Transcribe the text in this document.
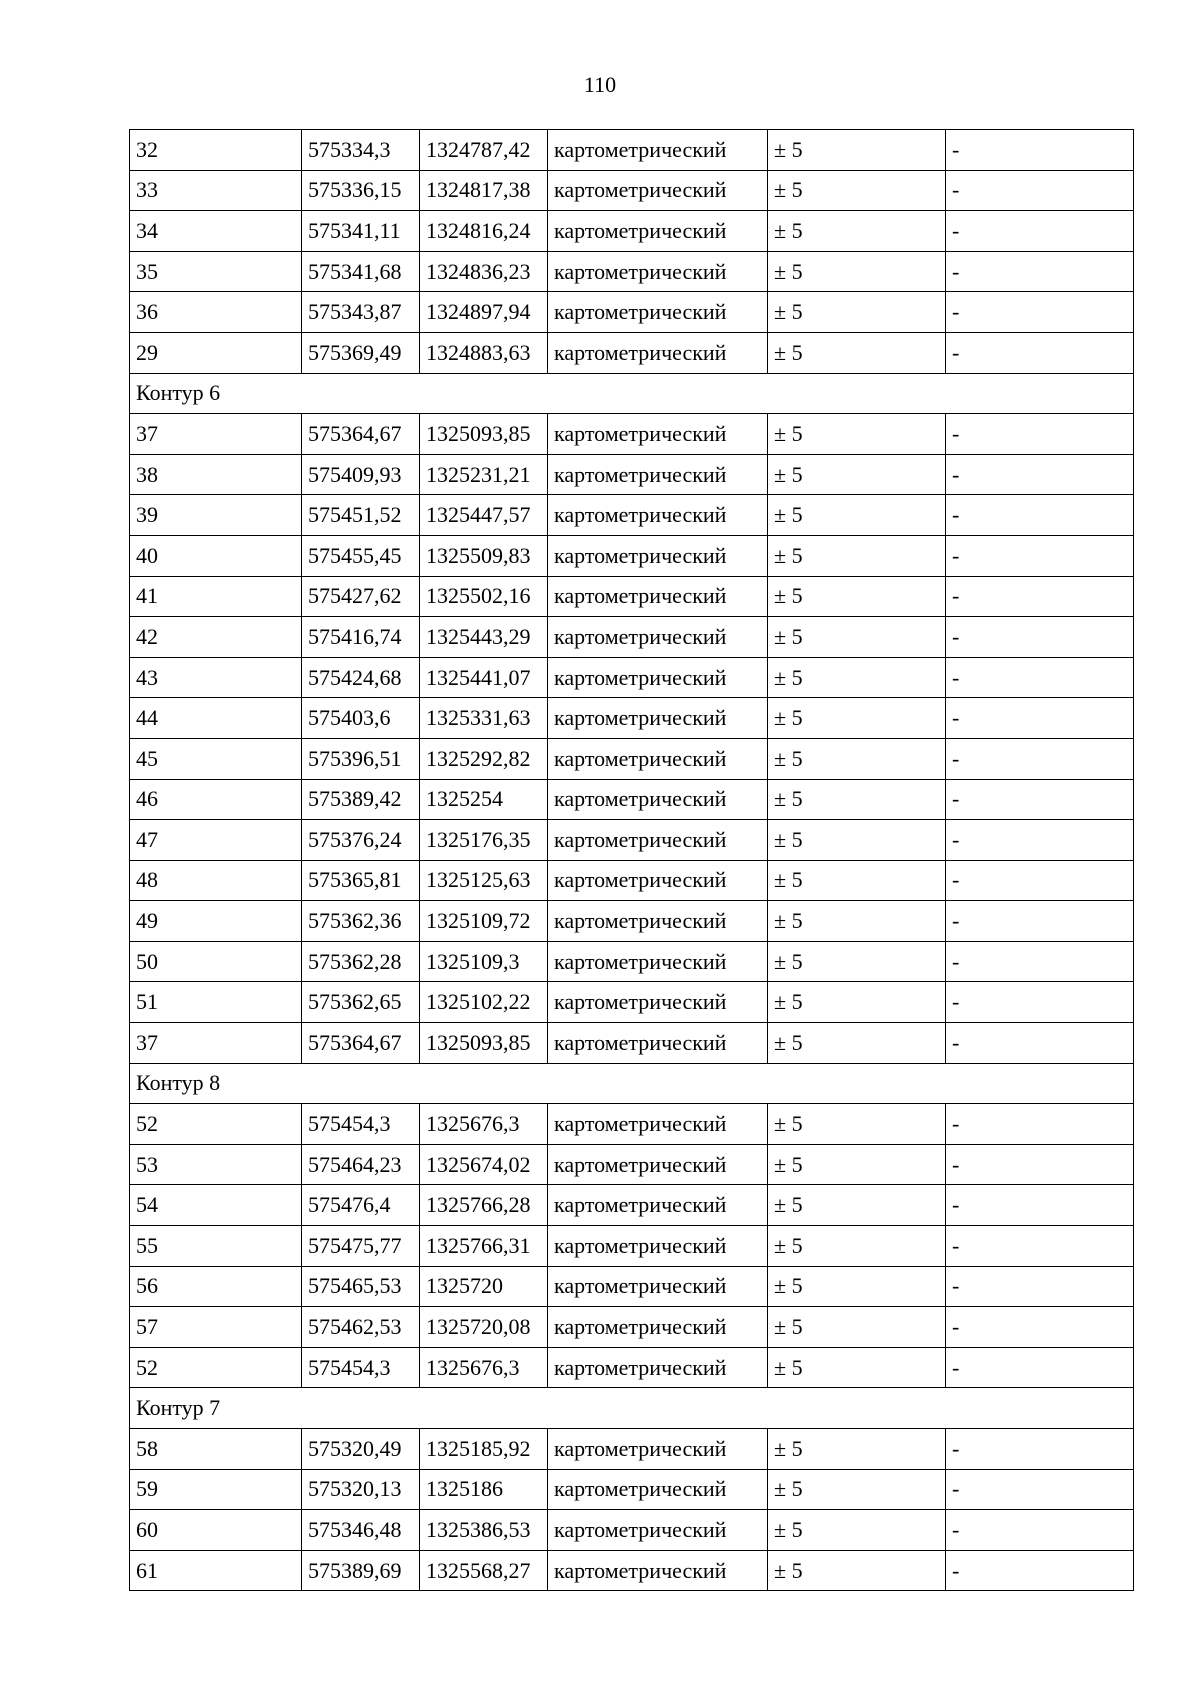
110
32	575334,3	1324787,42	картометрический	± 5	-
33	575336,15	1324817,38	картометрический	± 5	-
34	575341,11	1324816,24	картометрический	± 5	-
35	575341,68	1324836,23	картометрический	± 5	-
36	575343,87	1324897,94	картометрический	± 5	-
29	575369,49	1324883,63	картометрический	± 5	-
Контур 6					
37	575364,67	1325093,85	картометрический	± 5	-
38	575409,93	1325231,21	картометрический	± 5	-
39	575451,52	1325447,57	картометрический	± 5	-
40	575455,45	1325509,83	картометрический	± 5	-
41	575427,62	1325502,16	картометрический	± 5	-
42	575416,74	1325443,29	картометрический	± 5	-
43	575424,68	1325441,07	картометрический	± 5	-
44	575403,6	1325331,63	картометрический	± 5	-
45	575396,51	1325292,82	картометрический	± 5	-
46	575389,42	1325254	картометрический	± 5	-
47	575376,24	1325176,35	картометрический	± 5	-
48	575365,81	1325125,63	картометрический	± 5	-
49	575362,36	1325109,72	картометрический	± 5	-
50	575362,28	1325109,3	картометрический	± 5	-
51	575362,65	1325102,22	картометрический	± 5	-
37	575364,67	1325093,85	картометрический	± 5	-
Контур 8					
52	575454,3	1325676,3	картометрический	± 5	-
53	575464,23	1325674,02	картометрический	± 5	-
54	575476,4	1325766,28	картометрический	± 5	-
55	575475,77	1325766,31	картометрический	± 5	-
56	575465,53	1325720	картометрический	± 5	-
57	575462,53	1325720,08	картометрический	± 5	-
52	575454,3	1325676,3	картометрический	± 5	-
Контур 7					
58	575320,49	1325185,92	картометрический	± 5	-
59	575320,13	1325186	картометрический	± 5	-
60	575346,48	1325386,53	картометрический	± 5	-
61	575389,69	1325568,27	картометрический	± 5	-
